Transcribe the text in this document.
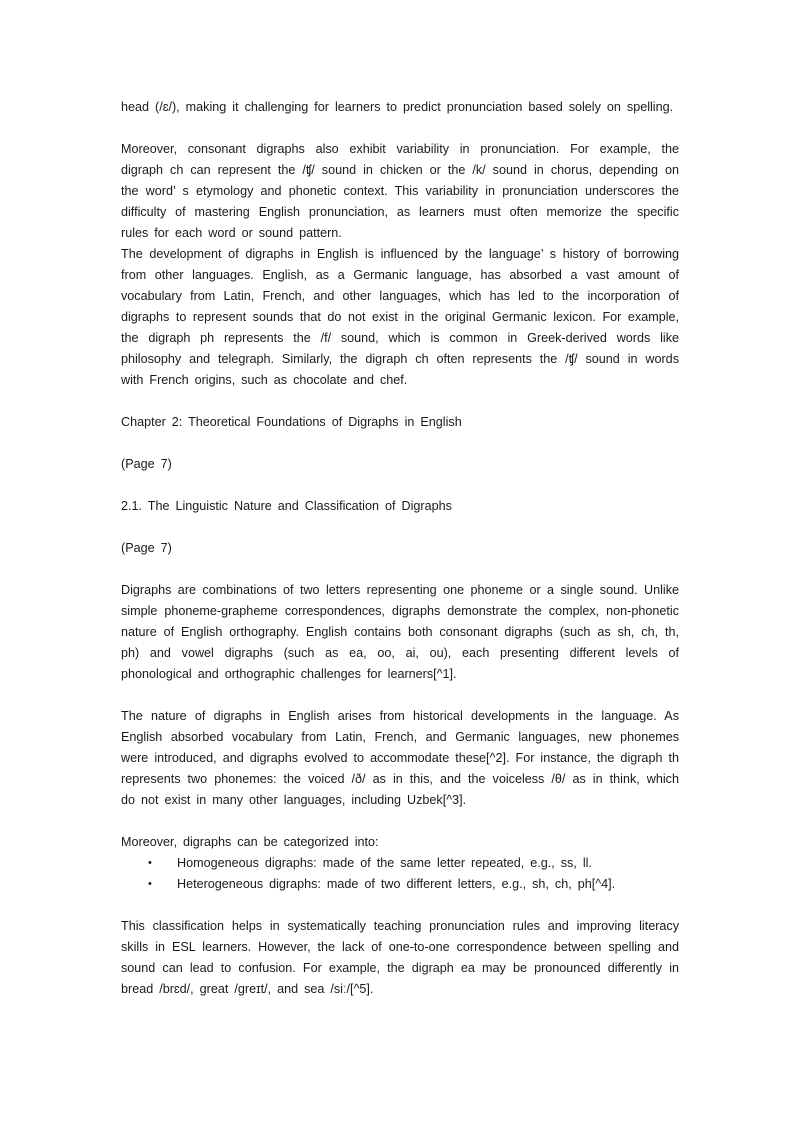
head (/ɛ/), making it challenging for learners to predict pronunciation based solely on spelling.

Moreover, consonant digraphs also exhibit variability in pronunciation. For example, the digraph ch can represent the /ʧ/ sound in chicken or the /k/ sound in chorus, depending on the word’ s etymology and phonetic context. This variability in pronunciation underscores the difficulty of mastering English pronunciation, as learners must often memorize the specific rules for each word or sound pattern.

The development of digraphs in English is influenced by the language’ s history of borrowing from other languages. English, as a Germanic language, has absorbed a vast amount of vocabulary from Latin, French, and other languages, which has led to the incorporation of digraphs to represent sounds that do not exist in the original Germanic lexicon. For example, the digraph ph represents the /f/ sound, which is common in Greek-derived words like philosophy and telegraph. Similarly, the digraph ch often represents the /ʧ/ sound in words with French origins, such as chocolate and chef.

Chapter 2: Theoretical Foundations of Digraphs in English

(Page 7)

2.1. The Linguistic Nature and Classification of Digraphs

(Page 7)

Digraphs are combinations of two letters representing one phoneme or a single sound. Unlike simple phoneme-grapheme correspondences, digraphs demonstrate the complex, non-phonetic nature of English orthography. English contains both consonant digraphs (such as sh, ch, th, ph) and vowel digraphs (such as ea, oo, ai, ou), each presenting different levels of phonological and orthographic challenges for learners[^1].

The nature of digraphs in English arises from historical developments in the language. As English absorbed vocabulary from Latin, French, and Germanic languages, new phonemes were introduced, and digraphs evolved to accommodate these[^2]. For instance, the digraph th represents two phonemes: the voiced /ð/ as in this, and the voiceless /θ/ as in think, which do not exist in many other languages, including Uzbek[^3].

Moreover, digraphs can be categorized into:

• Homogeneous digraphs: made of the same letter repeated, e.g., ss, ll.
• Heterogeneous digraphs: made of two different letters, e.g., sh, ch, ph[^4].

This classification helps in systematically teaching pronunciation rules and improving literacy skills in ESL learners. However, the lack of one-to-one correspondence between spelling and sound can lead to confusion. For example, the digraph ea may be pronounced differently in bread /brɛd/, great /greɪt/, and sea /siː/[^5].
